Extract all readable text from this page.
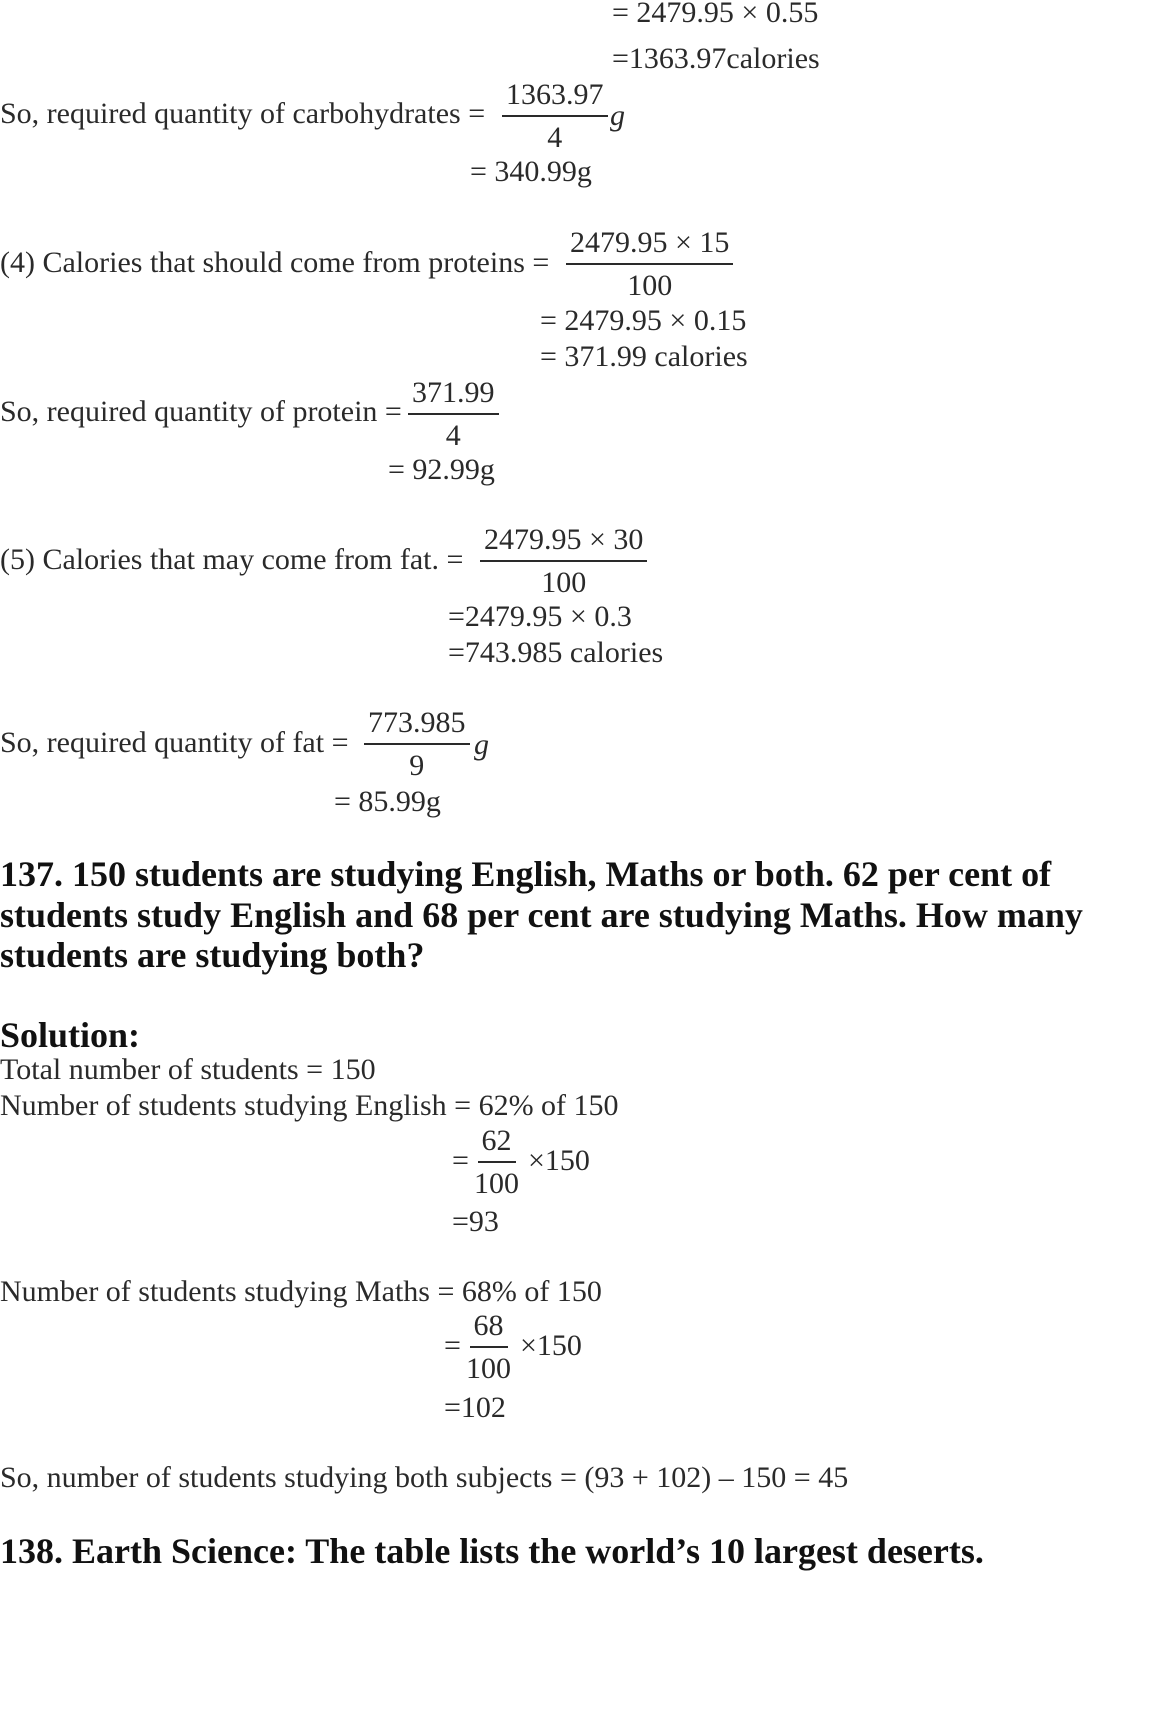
= 2479.95 × 0.55
=1363.97calories
So, required quantity of carbohydrates = $\frac{1363.97}{4}$ g
= 340.99g
(4) Calories that should come from proteins = $\frac{2479.95 \times 15}{100}$
= 2479.95 × 0.15
= 371.99 calories
So, required quantity of protein = $\frac{371.99}{4}$
= 92.99g
(5) Calories that may come from fat. = $\frac{2479.95 \times 30}{100}$
=2479.95 × 0.3
=743.985 calories
So, required quantity of fat = $\frac{773.985}{9}$ g
= 85.99g
137. 150 students are studying English, Maths or both. 62 per cent of
students study English and 68 per cent are studying Maths. How many
students are studying both?
Solution:
Total number of students = 150
Number of students studying English = 62% of 150
= $\frac{62}{100} \times 150$
=93
Number of students studying Maths = 68% of 150
= $\frac{68}{100} \times 150$
=102
So, number of students studying both subjects = (93 + 102) – 150 = 45
138. Earth Science: The table lists the world’s 10 largest deserts.
